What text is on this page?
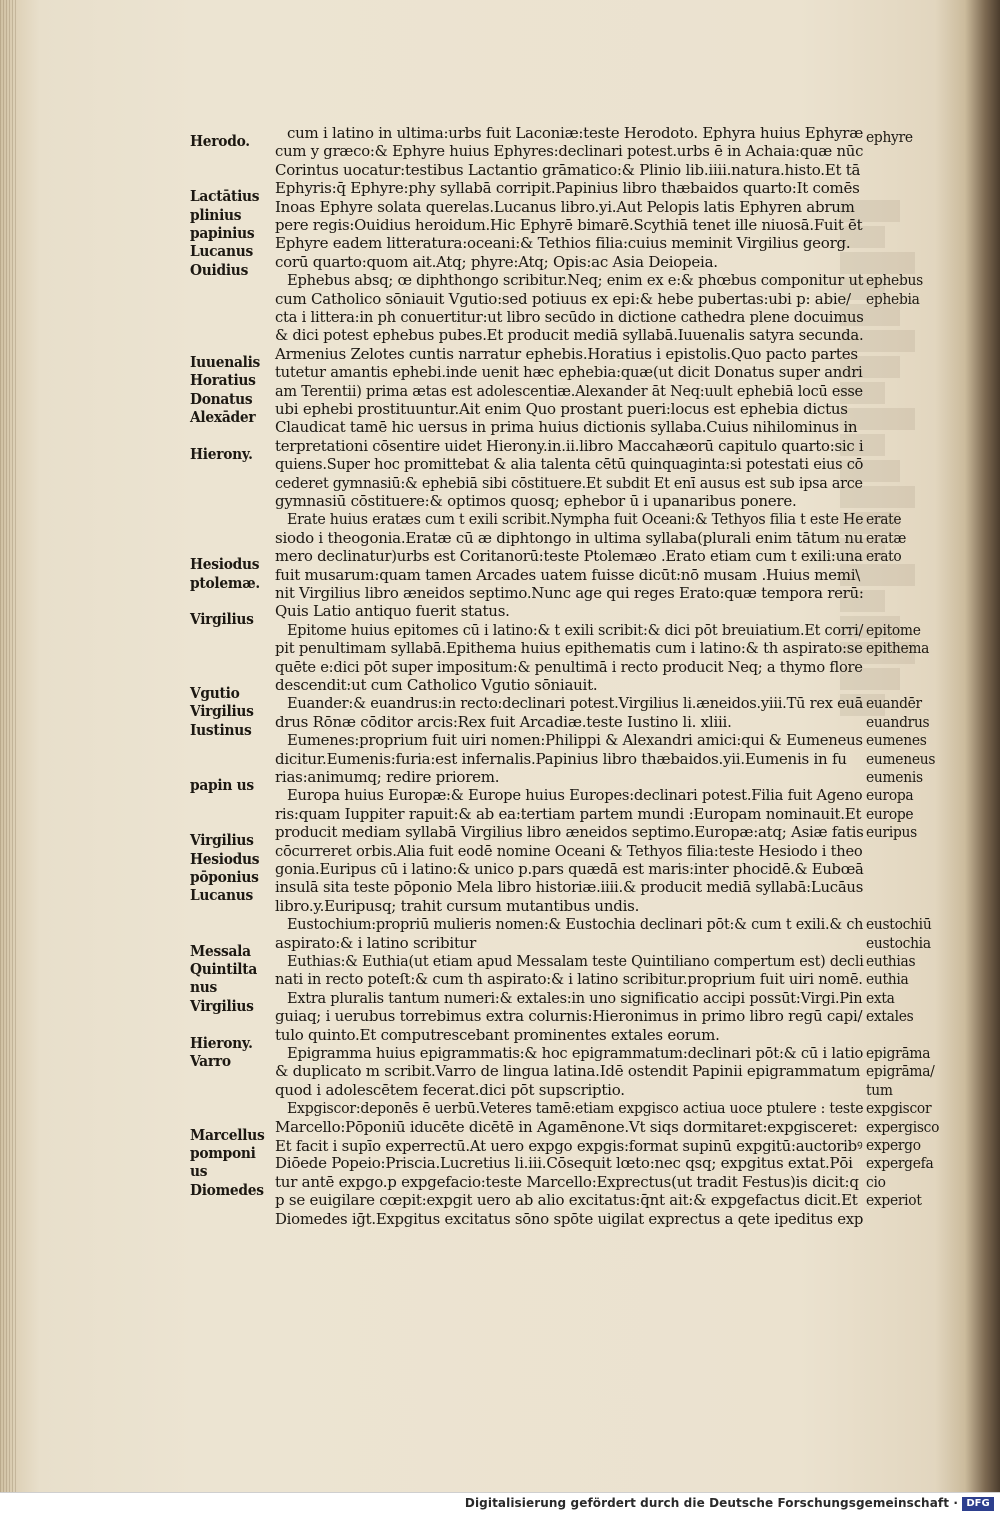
Herodo.
Lactātius
plinius
papinius
Lucanus
Ouidius
Iuuenalis
Horatius
Donatus
Alexāder
Hierony.
Hesiodus
ptolemæ.
Virgilius
Vgutio
Virgilius
Iustinus
papin us
Virgilius
Hesiodus
pōponius
Lucanus
Messala
Quintilta
nus
Virgilius
Hierony.
Varro
Marcellus
pomponi
us
Diomedes
cum i latino in ultima:urbs fuit Laconiæ:teste Herodoto. Ephyra huius Ephyræ
cum y græco:& Ephyre huius Ephyres:declinari potest.urbs ē in Achaia:quæ nūc
Corintus uocatur:testibus Lactantio grāmatico:& Plinio lib.iiii.natura.histo.Et tā
Ephyris:q̄ Ephyre:phy syllabā corripit.Papinius libro thæbaidos quarto:It comēs
Inoas Ephyre solata querelas.Lucanus libro.yi.Aut Pelopis latis Ephyren abrum
pere regis:Ouidius heroidum.Hic Ephyrē bimarē.Scythiā tenet ille niuosā.Fuit ēt
Ephyre eadem litteratura:oceani:& Tethios filia:cuius meminit Virgilius georg.
corū quarto:quom ait.Atq; phyre:Atq; Opis:ac Asia Deiopeia.
Ephebus absq; œ diphthongo scribitur.Neq; enim ex e:& phœbus componitur ut
cum Catholico sōniauit Vgutio:sed potiuus ex epi:& hebe pubertas:ubi p: abie/
cta i littera:in ph conuertitur:ut libro secūdo in dictione cathedra plene docuimus
& dici potest ephebus pubes.Et producit mediā syllabā.Iuuenalis satyra secunda.
Armenius Zelotes cuntis narratur ephebis.Horatius i epistolis.Quo pacto partes
tutetur amantis ephebi.inde uenit hæc ephebia:quæ(ut dicit Donatus super andri
am Terentii) prima ætas est adolescentiæ.Alexander āt Neq:uult ephebiā locū esse
ubi ephebi prostituuntur.Ait enim Quo prostant pueri:locus est ephebia dictus
Claudicat tamē hic uersus in prima huius dictionis syllaba.Cuius nihilominus in
terpretationi cōsentire uidet Hierony.in.ii.libro Maccahæorū capitulo quarto:sic i
quiens.Super hoc promittebat & alia talenta cētū quinquaginta:si potestati eius cō
cederet gymnasiū:& ephebiā sibi cōstituere.Et subdit Et enī ausus est sub ipsa arce
gymnasiū cōstituere:& optimos quosq; ephebor ū i upanaribus ponere.
Erate huius eratæs cum t exili scribit.Nympha fuit Oceani:& Tethyos filia t este He
siodo i theogonia.Eratæ cū æ diphtongo in ultima syllaba(plurali enim tātum nu
mero declinatur)urbs est Coritanorū:teste Ptolemæo .Erato etiam cum t exili:una
fuit musarum:quam tamen Arcades uatem fuisse dicūt:nō musam .Huius memi\
nit Virgilius libro æneidos septimo.Nunc age qui reges Erato:quæ tempora rerū:
Quis Latio antiquo fuerit status.
Epitome huius epitomes cū i latino:& t exili scribit:& dici pōt breuiatium.Et corri/
pit penultimam syllabā.Epithema huius epithematis cum i latino:& th aspirato:se
quēte e:dici pōt super impositum:& penultimā i recto producit Neq; a thymo flore
descendit:ut cum Catholico Vgutio sōniauit.
Euander:& euandrus:in recto:declinari potest.Virgilius li.æneidos.yiii.Tū rex euā
drus Rōnæ cōditor arcis:Rex fuit Arcadiæ.teste Iustino li. xliii.
Eumenes:proprium fuit uiri nomen:Philippi & Alexandri amici:qui & Eumeneus
dicitur.Eumenis:furia:est infernalis.Papinius libro thæbaidos.yii.Eumenis in fu
rias:animumq; redire priorem.
Europa huius Europæ:& Europe huius Europes:declinari potest.Filia fuit Ageno
ris:quam Iuppiter rapuit:& ab ea:tertiam partem mundi :Europam nominauit.Et
producit mediam syllabā Virgilius libro æneidos septimo.Europæ:atq; Asiæ fatis
cōcurreret orbis.Alia fuit eodē nomine Oceani & Tethyos filia:teste Hesiodo i theo
gonia.Euripus cū i latino:& unico p.pars quædā est maris:inter phocidē.& Eubœā
insulā sita teste pōponio Mela libro historiæ.iiii.& producit mediā syllabā:Lucāus
libro.y.Euripusq; trahit cursum mutantibus undis.
Eustochium:propriū mulieris nomen:& Eustochia declinari pōt:& cum t exili.& ch
aspirato:& i latino scribitur
Euthias:& Euthia(ut etiam apud Messalam teste Quintiliano compertum est) decli
nati in recto poteſt:& cum th aspirato:& i latino scribitur.proprium fuit uiri nomē.
Extra pluralis tantum numeri:& extales:in uno significatio accipi possūt:Virgi.Pin
guiaq; i uerubus torrebimus extra colurnis:Hieronimus in primo libro regū capi/
tulo quinto.Et computrescebant prominentes extales eorum.
Epigramma huius epigrammatis:& hoc epigrammatum:declinari pōt:& cū i latio
& duplicato m scribit.Varro de lingua latina.Idē ostendit Papinii epigrammatum
quod i adolescētem fecerat.dici pōt supscriptio.
Expgiscor:deponēs ē uerbū.Veteres tamē:etiam expgisco actiua uoce ptulere : teste
Marcello:Pōponiū iducēte dicētē in Agamēnone.Vt siqs dormitaret:expgisceret:
Et facit i supīo experrectū.At uero expgo expgis:format supinū expgitū:auctoribꝰ
Diōede Popeio:Priscia.Lucretius li.iii.Cōsequit lœto:nec qsq; expgitus extat.Pōi
tur antē expgo.p expgefacio:teste Marcello:Exprectus(ut tradit Festus)is dicit:q
p se euigilare cœpit:expgit uero ab alio excitatus:q̄nt ait:& expgefactus dicit.Et
Diomedes iḡt.Expgitus excitatus sōno spōte uigilat exprectus a qete ipeditus exp
ephyre
ephebus
ephebia
erate
eratæ
erato
epitome
epithema
euandēr
euandrus
eumenes
eumeneus
eumenis
europa
europe
euripus
eustochiū
eustochia
euthias
euthia
exta
extales
epigrāma
epigrāma/
tum
expgiscor
expergisco
expergo
expergefa
cio
experiot
Digitalisierung gefördert durch die Deutsche Forschungsgemeinschaft · DFG
